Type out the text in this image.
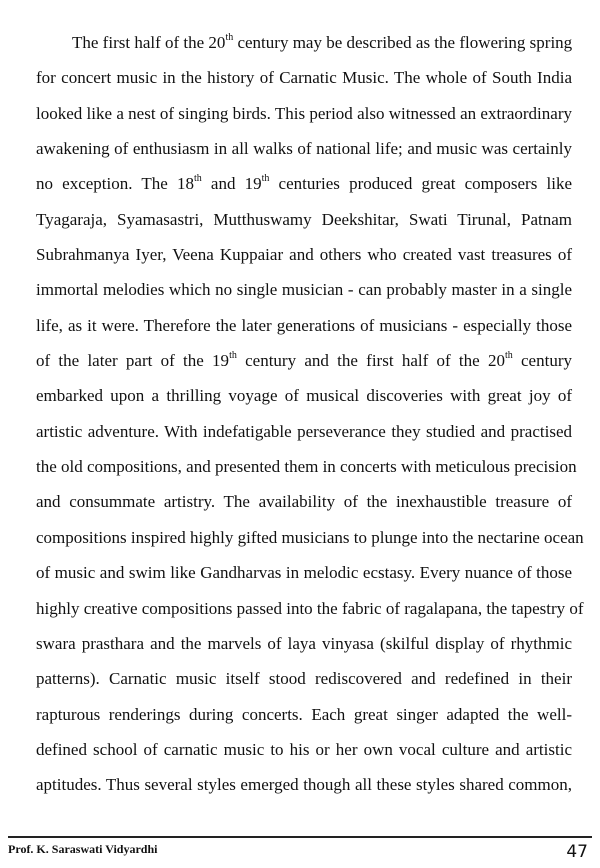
The first half of the 20th century may be described as the flowering spring
for concert music in the history of Carnatic Music. The whole of South India
looked like a nest of singing birds. This period also witnessed an extraordinary
awakening of enthusiasm in all walks of national life; and music was certainly
no exception. The 18th and 19th centuries produced great composers like
Tyagaraja, Syamasastri, Mutthuswamy Deekshitar, Swati Tirunal, Patnam
Subrahmanya Iyer, Veena Kuppaiar and others who created vast treasures of
immortal melodies which no single musician - can probably master in a single
life, as it were. Therefore the later generations of musicians - especially those
of the later part of the 19th century and the first half of the 20th century
embarked upon a thrilling voyage of musical discoveries with great joy of
artistic adventure. With indefatigable perseverance they studied and practised
the old compositions, and presented them in concerts with meticulous precision
and consummate artistry. The availability of the inexhaustible treasure of
compositions inspired highly gifted musicians to plunge into the nectarine ocean
of music and swim like Gandharvas in melodic ecstasy. Every nuance of those
highly creative compositions passed into the fabric of ragalapana, the tapestry of
swara prasthara and the marvels of laya vinyasa (skilful display of rhythmic
patterns). Carnatic music itself stood rediscovered and redefined in their
rapturous renderings during concerts. Each great singer adapted the well-
defined school of carnatic music to his or her own vocal culture and artistic
aptitudes. Thus several styles emerged though all these styles shared common,
Prof. K. Saraswati Vidyardhi	47
